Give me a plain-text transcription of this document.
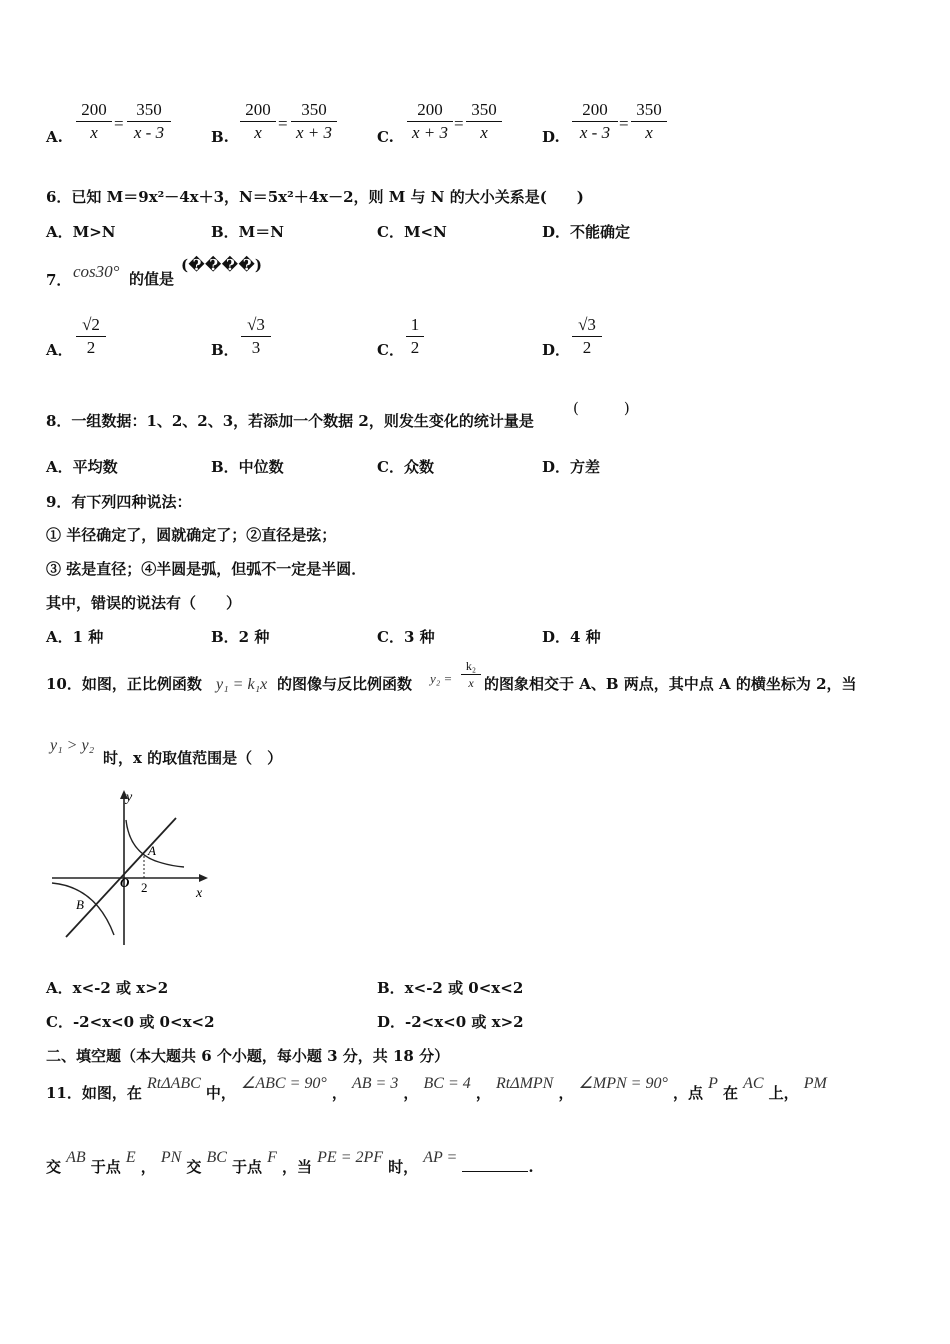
A. $\frac{200}{x} = \frac{350}{x - 3}$	B. $\frac{200}{x} = \frac{350}{x + 3}$	C. $\frac{200}{x + 3} = \frac{350}{x}$	D. $\frac{200}{x - 3} = \frac{350}{x}$
6．已知 M＝9x²－4x＋3，N＝5x²＋4x－2，则 M 与 N 的大小关系是(　　)
A．M>N	B．M＝N	C．M<N	D．不能确定
7． cos30° 的值是
(����)
A． $\frac{√2}{2}$	B． $\frac{√3}{3}$	C． $\frac{1}{2}$	D． $\frac{√3}{2}$
8．一组数据：1、2、2、3，若添加一个数据 2，则发生变化的统计量是
(　　　)
A．平均数	B．中位数	C．众数	D．方差
9．有下列四种说法：
① 半径确定了，圆就确定了；②直径是弦；
③ 弦是直径；④半圆是弧，但弧不一定是半圆．
其中，错误的说法有（　　）
A．1 种	B．2 种	C．3 种	D．4 种
10．如图，正比例函数 y₁ = k₁x 的图像与反比例函数 $y_2 = \frac{\text{k₂}}{x}$ 的图象相交于 A、B 两点，其中点 A 的横坐标为 2，当
y₁ > y₂
时，x 的取值范围是（　）
y
x
O 2
A
B
A．x<-2 或 x>2	B．x<-2 或 0<x<2
C．-2<x<0 或 0<x<2	D．-2<x<0 或 x>2
二、填空题（本大题共 6 个小题，每小题 3 分，共 18 分）
11．如图，在 RtΔABC 中， ∠ABC = 90° ， AB = 3 ， BC = 4 ， RtΔMPN ， ∠MPN = 90° ，点 P 在 AC 上， PM
交 AB 于点 E ， PN 交 BC 于点 F ，当 PE = 2PF 时， AP = .
